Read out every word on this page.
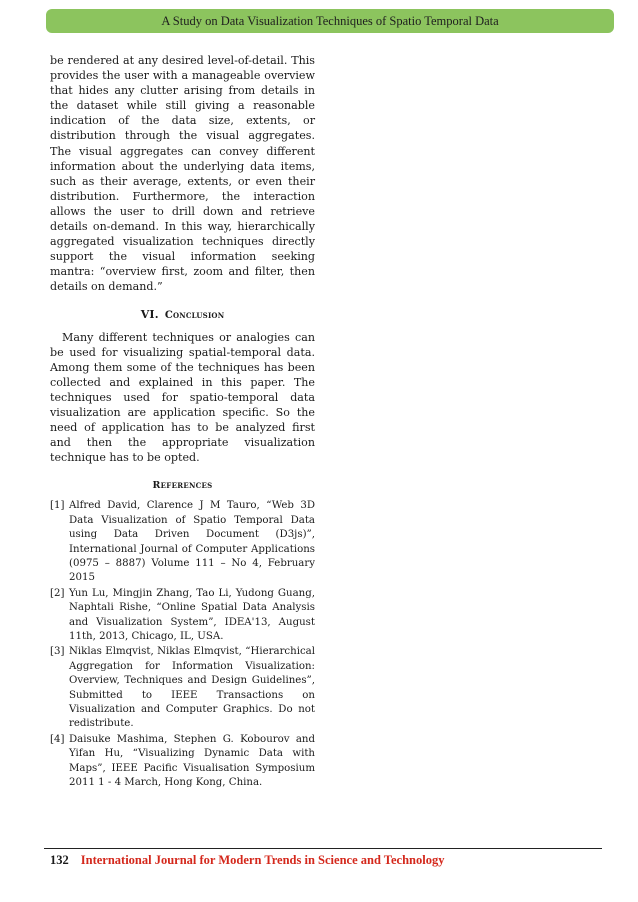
A Study on Data Visualization Techniques of Spatio Temporal Data

be rendered at any desired level-of-detail. This provides the user with a manageable overview that hides any clutter arising from details in the dataset while still giving a reasonable indication of the data size, extents, or distribution through the visual aggregates. The visual aggregates can convey different information about the underlying data items, such as their average, extents, or even their distribution. Furthermore, the interaction allows the user to drill down and retrieve details on-demand. In this way, hierarchically aggregated visualization techniques directly support the visual information seeking mantra: “overview first, zoom and filter, then details on demand.”

VI. Conclusion

Many different techniques or analogies can be used for visualizing spatial-temporal data. Among them some of the techniques has been collected and explained in this paper. The techniques used for spatio-temporal data visualization are application specific. So the need of application has to be analyzed first and then the appropriate visualization technique has to be opted.

References
[1] Alfred David, Clarence J M Tauro, “Web 3D Data Visualization of Spatio Temporal Data using Data Driven Document (D3js)”, International Journal of Computer Applications (0975 – 8887) Volume 111 – No 4, February 2015
[2] Yun Lu, Mingjin Zhang, Tao Li, Yudong Guang, Naphtali Rishe, “Online Spatial Data Analysis and Visualization System”, IDEA'13, August 11th, 2013, Chicago, IL, USA.
[3] Niklas Elmqvist, Niklas Elmqvist, “Hierarchical Aggregation for Information Visualization: Overview, Techniques and Design Guidelines”, Submitted to IEEE Transactions on Visualization and Computer Graphics. Do not redistribute.
[4] Daisuke Mashima, Stephen G. Kobourov and Yifan Hu, “Visualizing Dynamic Data with Maps”, IEEE Pacific Visualisation Symposium 2011 1 - 4 March, Hong Kong, China.
132 International Journal for Modern Trends in Science and Technology
